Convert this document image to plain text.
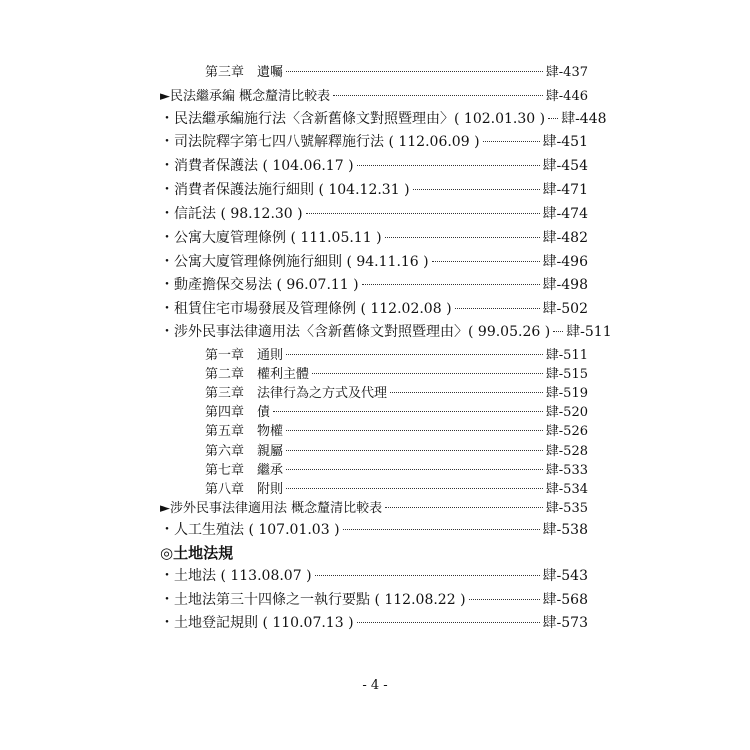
第三章　遺囑	肆-437
►民法繼承編 概念釐清比較表	肆-446
・民法繼承編施行法〈含新舊條文對照暨理由〉( 102.01.30 ) 肆-448
・司法院釋字第七四八號解釋施行法 ( 112.06.09 )	肆-451
・消費者保護法 ( 104.06.17 )	肆-454
・消費者保護法施行細則 ( 104.12.31 )	肆-471
・信託法 ( 98.12.30 )	肆-474
・公寓大廈管理條例 ( 111.05.11 )	肆-482
・公寓大廈管理條例施行細則 ( 94.11.16 )	肆-496
・動產擔保交易法 ( 96.07.11 )	肆-498
・租賃住宅市場發展及管理條例 ( 112.02.08 )	肆-502
・涉外民事法律適用法〈含新舊條文對照暨理由〉( 99.05.26 ) 肆-511
第一章　通則	肆-511
第二章　權利主體	肆-515
第三章　法律行為之方式及代理	肆-519
第四章　債	肆-520
第五章　物權	肆-526
第六章　親屬	肆-528
第七章　繼承	肆-533
第八章　附則	肆-534
►涉外民事法律適用法 概念釐清比較表	肆-535
・人工生殖法 ( 107.01.03 )	肆-538
◎土地法規
・土地法 ( 113.08.07 )	肆-543
・土地法第三十四條之一執行要點 ( 112.08.22 )	肆-568
・土地登記規則 ( 110.07.13 )	肆-573
- 4 -
